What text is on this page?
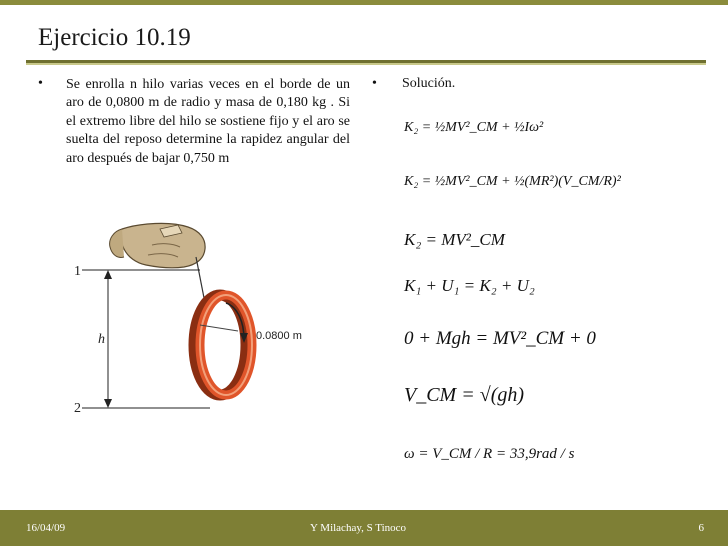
Ejercicio 10.19
• Se enrolla n hilo varias veces en el borde de un aro de 0,0800 m de radio y masa de 0,180 kg . Si el extremo libre del hilo se sostiene fijo y el aro se suelta del reposo determine la rapidez angular del aro después de bajar 0,750 m
1
2
h	0.0800 m
• Solución.
K₂ = ½MV²_CM + ½Iω²
K₂ = ½MV²_CM + ½(MR²)(V_CM/R)²
K₂ = MV²_CM
K₁ + U₁ = K₂ + U₂
0 + Mgh = MV²_CM + 0
V_CM = √(gh)
ω = V_CM / R = 33,9rad / s
16/04/09	Y Milachay, S Tinoco	6
